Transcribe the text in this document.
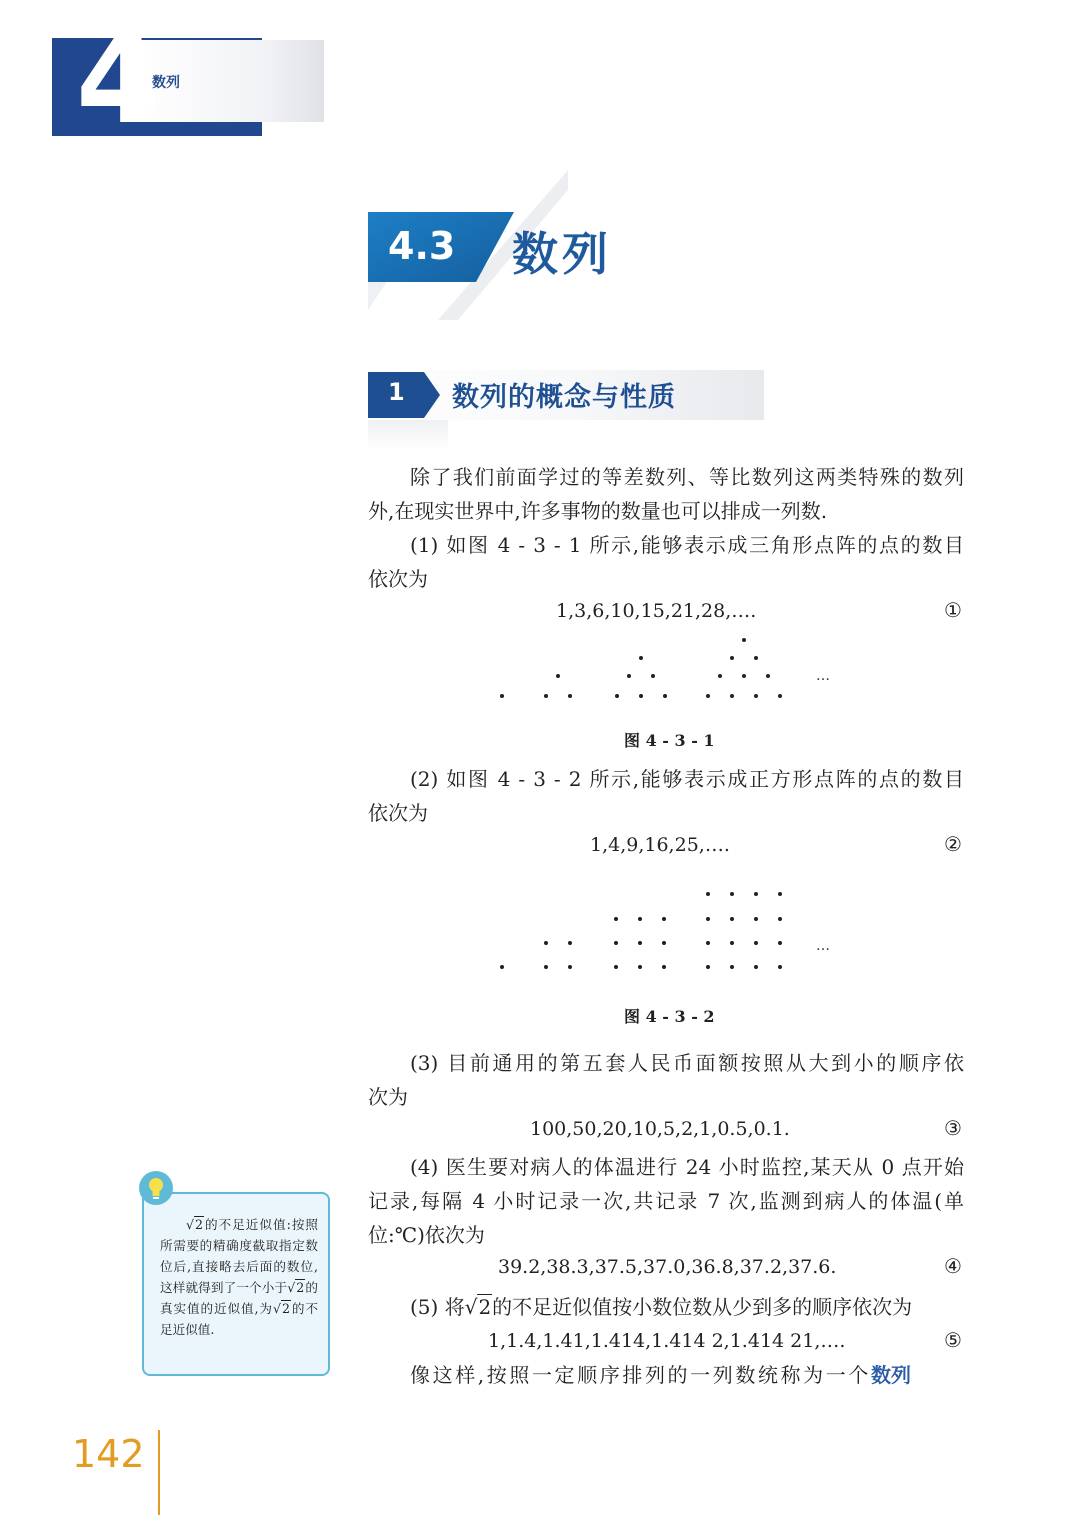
4
数列
4.3 数列
1 数列的概念与性质
除了我们前面学过的等差数列、等比数列这两类特殊的数列
外,在现实世界中,许多事物的数量也可以排成一列数.
(1) 如图 4 - 3 - 1 所示,能够表示成三角形点阵的点的数目
依次为
1,3,6,10,15,21,28,….	①
…
图 4 - 3 - 1
(2) 如图 4 - 3 - 2 所示,能够表示成正方形点阵的点的数目
依次为
1,4,9,16,25,….	②
…
图 4 - 3 - 2
(3) 目前通用的第五套人民币面额按照从大到小的顺序依
次为
100,50,20,10,5,2,1,0.5,0.1.	③
(4) 医生要对病人的体温进行 24 小时监控,某天从 0 点开始
记录,每隔 4 小时记录一次,共记录 7 次,监测到病人的体温(单
位:℃)依次为
39.2,38.3,37.5,37.0,36.8,37.2,37.6.	④
(5) 将√2的不足近似值按小数位数从少到多的顺序依次为
1,1.4,1.41,1.414,1.414 2,1.414 21,….	⑤
像这样,按照一定顺序排列的一列数统称为一个数列
√2的不足近似值:按照所需要的精确度截取指定数位后,直接略去后面的数位,这样就得到了一个小于√2的真实值的近似值,为√2的不足近似值.
142
